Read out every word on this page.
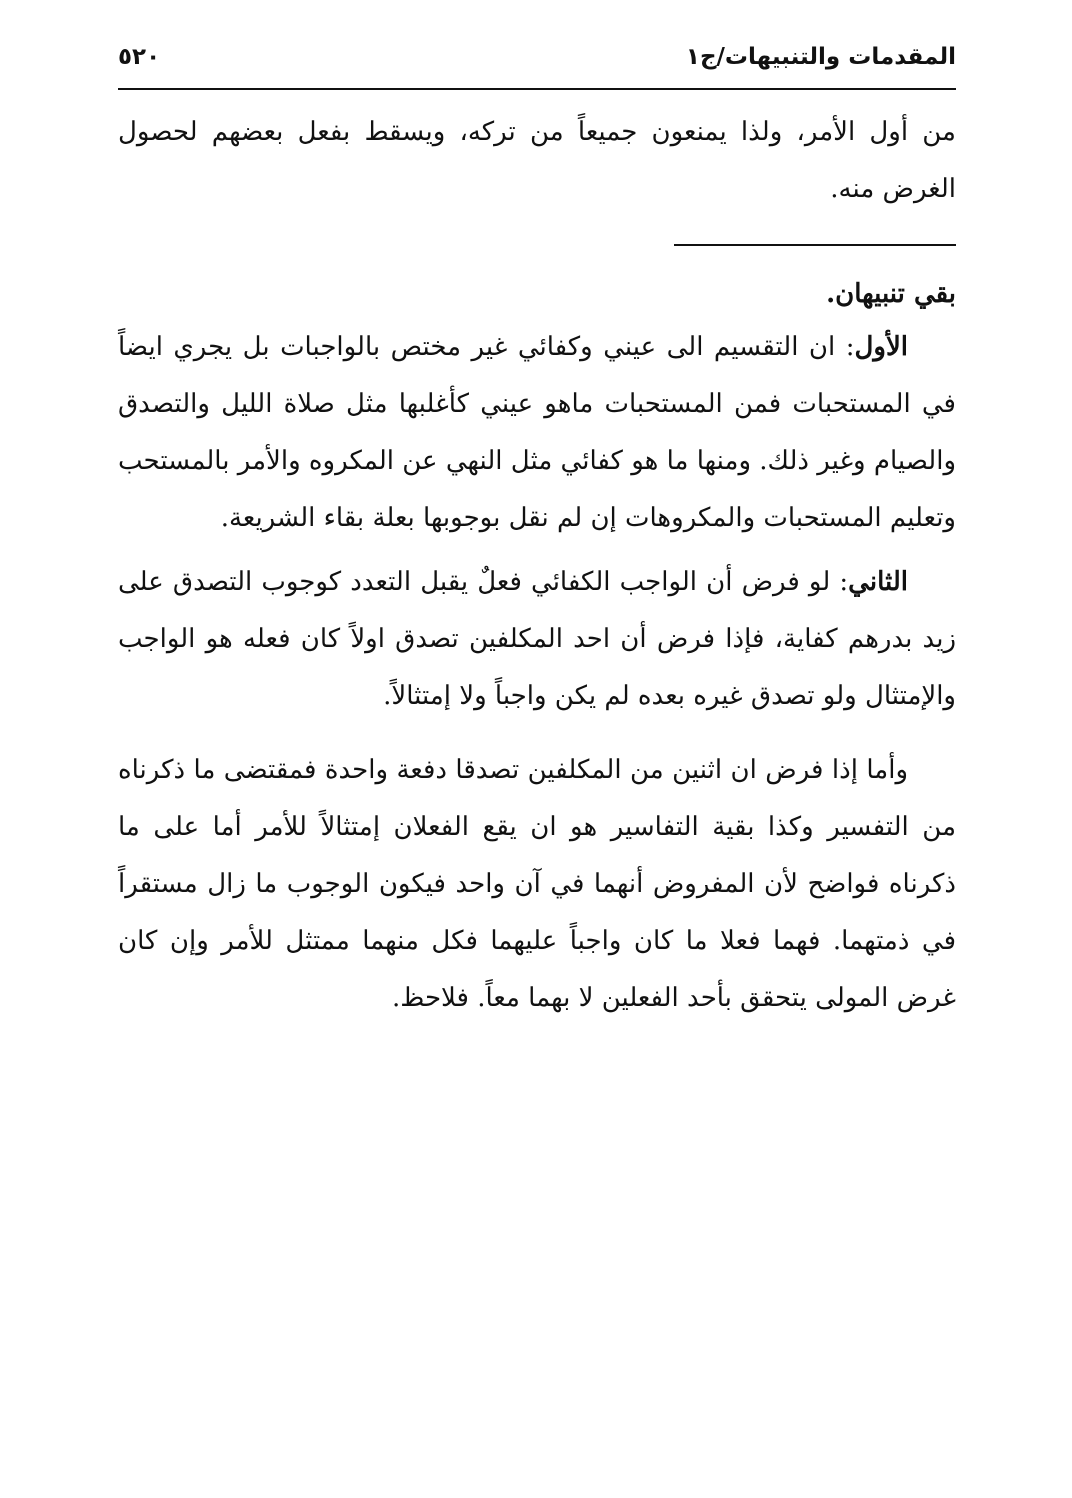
المقدمات والتنبيهات/ج١
٥٢٠

من أول الأمر، ولذا يمنعون جميعاً من تركه، ويسقط بفعل بعضهم لحصول الغرض منه.

بقي تنبيهان.

الأول: ان التقسيم الى عيني وكفائي غير مختص بالواجبات بل يجري ايضاً في المستحبات فمن المستحبات ماهو عيني كأغلبها مثل صلاة الليل والتصدق والصيام وغير ذلك. ومنها ما هو كفائي مثل النهي عن المكروه والأمر بالمستحب وتعليم المستحبات والمكروهات إن لم نقل بوجوبها بعلة بقاء الشريعة.

الثاني: لو فرض أن الواجب الكفائي فعلٌ يقبل التعدد كوجوب التصدق على زيد بدرهم كفاية، فإذا فرض أن احد المكلفين تصدق اولاً كان فعله هو الواجب والإمتثال ولو تصدق غيره بعده لم يكن واجباً ولا إمتثالاً.

وأما إذا فرض ان اثنين من المكلفين تصدقا دفعة واحدة فمقتضى ما ذكرناه من التفسير وكذا بقية التفاسير هو ان يقع الفعلان إمتثالاً للأمر أما على ما ذكرناه فواضح لأن المفروض أنهما في آن واحد فيكون الوجوب ما زال مستقراً في ذمتهما. فهما فعلا ما كان واجباً عليهما فكل منهما ممتثل للأمر وإن كان غرض المولى يتحقق بأحد الفعلين لا بهما معاً. فلاحظ.
